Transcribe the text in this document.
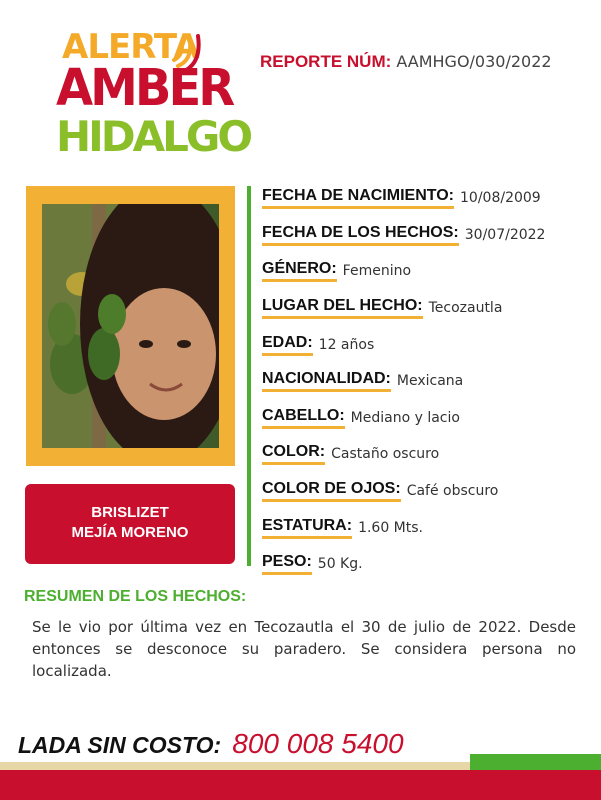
ALERTA
AMBER
HIDALGO
REPORTE NÚM: AAMHGO/030/2022
BRISLIZET
MEJÍA MORENO
FECHA DE NACIMIENTO: 10/08/2009
FECHA DE LOS HECHOS: 30/07/2022
GÉNERO: Femenino
LUGAR DEL HECHO: Tecozautla
EDAD: 12 años
NACIONALIDAD: Mexicana
CABELLO: Mediano y lacio
COLOR: Castaño oscuro
COLOR DE OJOS: Café obscuro
ESTATURA: 1.60 Mts.
PESO: 50 Kg.
RESUMEN DE LOS HECHOS:
Se le vio por última vez en Tecozautla el 30 de julio de 2022. Desde entonces se desconoce su paradero. Se considera persona no localizada.
LADA SIN COSTO: 800 008 5400
